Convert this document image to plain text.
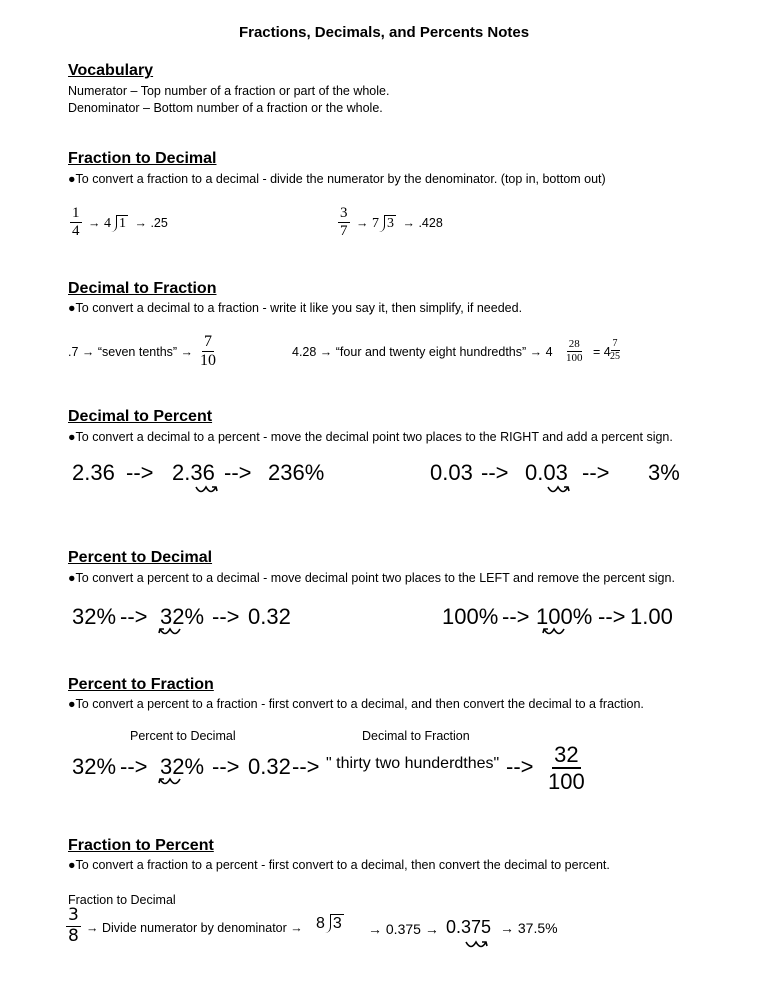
Fractions, Decimals, and Percents Notes
Vocabulary
Numerator – Top number of a fraction or part of the whole.
Denominator – Bottom number of a fraction or the whole.
Fraction to Decimal
●To convert a fraction to a decimal - divide the numerator by the denominator. (top in, bottom out)
$\frac{1}{4} \to 4$ 1 → .25	$\frac{3}{7} \to 7$ 3 → .428
Decimal to Fraction
●To convert a decimal to a fraction - write it like you say it, then simplify, if needed.
.7 → “seven tenths” → $\frac{7}{10}$	4.28 → “four and twenty eight hundredths” → $4 \frac{28}{100} = 4 \frac{7}{25}$
Decimal to Percent
●To convert a decimal to a percent - move the decimal point two places to the RIGHT and add a percent sign.
2.36 --> 2.36 --> 236%	0.03 --> 0.03 --> 3%
Percent to Decimal
●To convert a percent to a decimal - move decimal point two places to the LEFT and remove the percent sign.
32% --> 32% --> 0.32	100% --> 100% --> 1.00
Percent to Fraction
●To convert a percent to a fraction - first convert to a decimal, and then convert the decimal to a fraction.
Percent to Decimal	Decimal to Fraction
32% --> 32% --> 0.32 --> " thirty two hunderdthes" --> $\frac{32}{100}$
Fraction to Percent
●To convert a fraction to a percent - first convert to a decimal, then convert the decimal to percent.
Fraction to Decimal
$\frac{3}{8}$ → Divide numerator by denominator → 8 3	→ 0.375 → 0.375 → 37.5%
